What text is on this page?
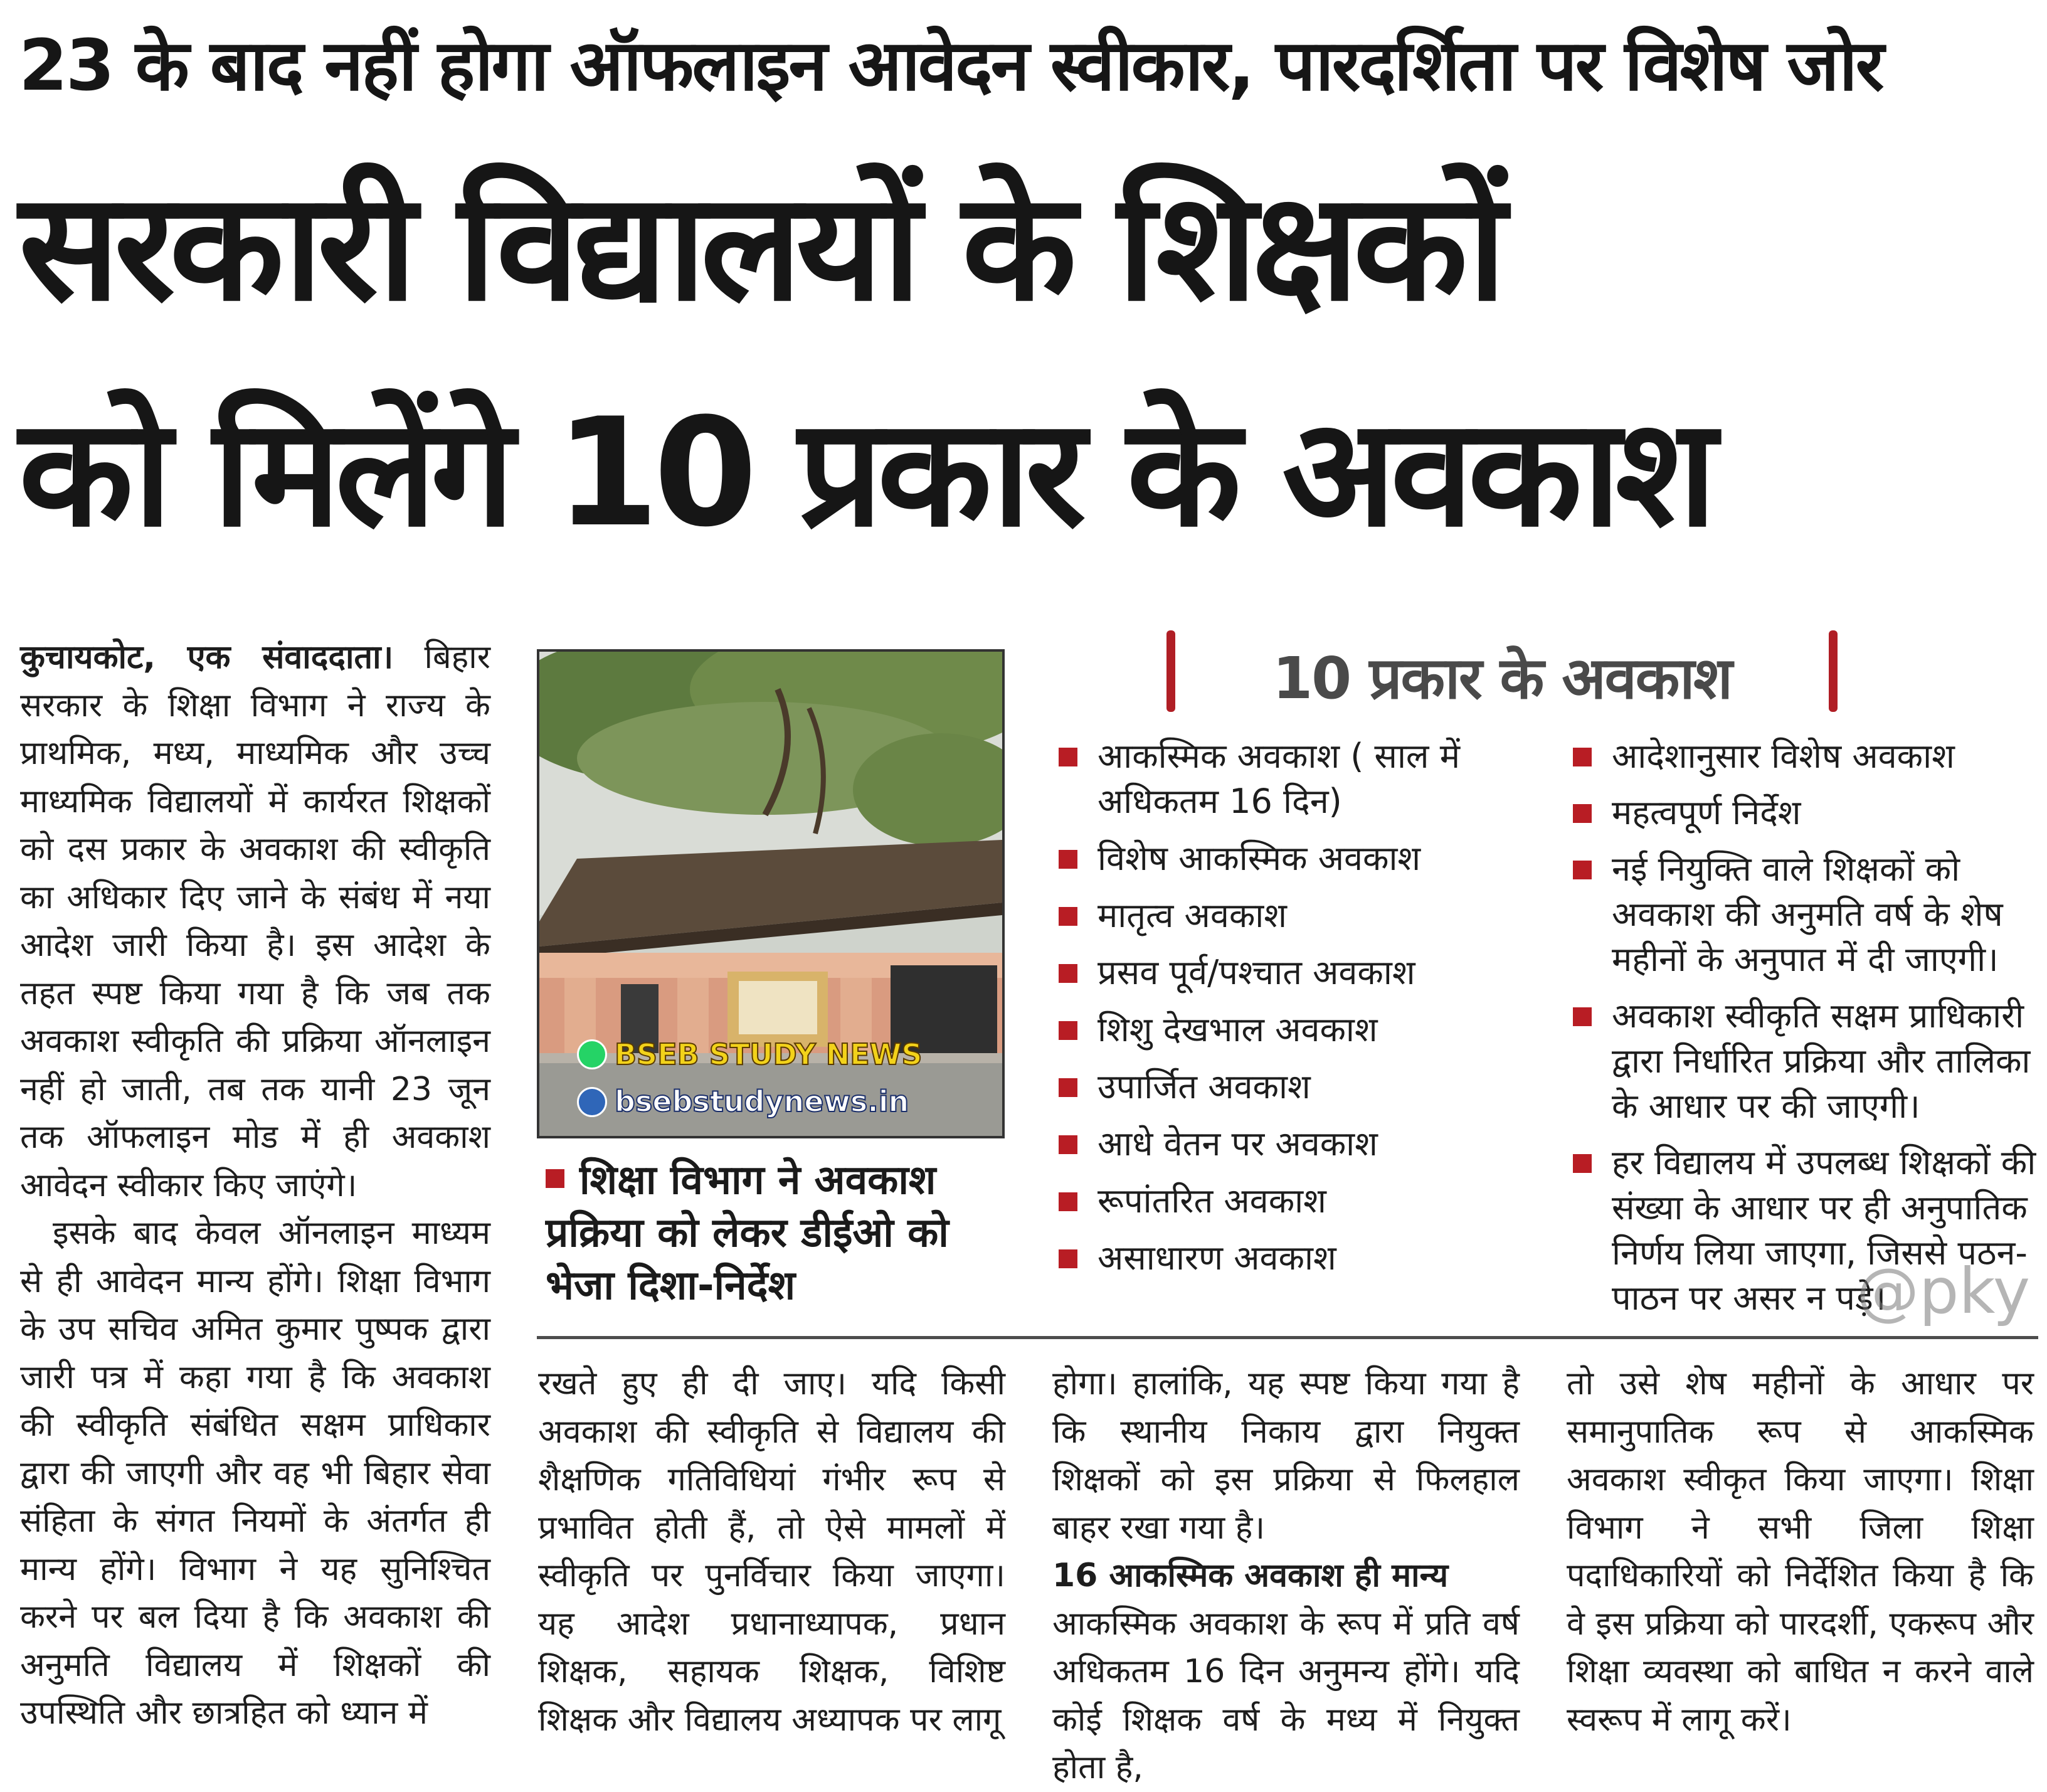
23 के बाद नहीं होगा ऑफलाइन आवेदन स्वीकार, पारदर्शिता पर विशेष जोर
सरकारी विद्यालयों के शिक्षकों
को मिलेंगे 10 प्रकार के अवकाश

कुचायकोट, एक संवाददाता। बिहार सरकार के शिक्षा विभाग ने राज्य के प्राथमिक, मध्य, माध्यमिक और उच्च माध्यमिक विद्यालयों में कार्यरत शिक्षकों को दस प्रकार के अवकाश की स्वीकृति का अधिकार दिए जाने के संबंध में नया आदेश जारी किया है। इस आदेश के तहत स्पष्ट किया गया है कि जब तक अवकाश स्वीकृति की प्रक्रिया ऑनलाइन नहीं हो जाती, तब तक यानी 23 जून तक ऑफलाइन मोड में ही अवकाश आवेदन स्वीकार किए जाएंगे।

इसके बाद केवल ऑनलाइन माध्यम से ही आवेदन मान्य होंगे। शिक्षा विभाग के उप सचिव अमित कुमार पुष्पक द्वारा जारी पत्र में कहा गया है कि अवकाश की स्वीकृति संबंधित सक्षम प्राधिकार द्वारा की जाएगी और वह भी बिहार सेवा संहिता के संगत नियमों के अंतर्गत ही मान्य होंगे। विभाग ने यह सुनिश्चित करने पर बल दिया है कि अवकाश की अनुमति विद्यालय में शिक्षकों की उपस्थिति और छात्रहित को ध्यान में

BSEB STUDY NEWS
bsebstudynews.in
शिक्षा विभाग ने अवकाश प्रक्रिया को लेकर डीईओ को भेजा दिशा-निर्देश
10 प्रकार के अवकाश
आकस्मिक अवकाश ( साल में अधिकतम 16 दिन)
विशेष आकस्मिक अवकाश
मातृत्व अवकाश
प्रसव पूर्व/पश्चात अवकाश
शिशु देखभाल अवकाश
उपार्जित अवकाश
आधे वेतन पर अवकाश
रूपांतरित अवकाश
असाधारण अवकाश
आदेशानुसार विशेष अवकाश
महत्वपूर्ण निर्देश
नई नियुक्ति वाले शिक्षकों को अवकाश की अनुमति वर्ष के शेष महीनों के अनुपात में दी जाएगी।
अवकाश स्वीकृति सक्षम प्राधिकारी द्वारा निर्धारित प्रक्रिया और तालिका के आधार पर की जाएगी।
हर विद्यालय में उपलब्ध शिक्षकों की संख्या के आधार पर ही अनुपातिक निर्णय लिया जाएगा, जिससे पठन-पाठन पर असर न पड़े।
@pky
रखते हुए ही दी जाए। यदि किसी अवकाश की स्वीकृति से विद्यालय की शैक्षणिक गतिविधियां गंभीर रूप से प्रभावित होती हैं, तो ऐसे मामलों में स्वीकृति पर पुनर्विचार किया जाएगा। यह आदेश प्रधानाध्यापक, प्रधान शिक्षक, सहायक शिक्षक, विशिष्ट शिक्षक और विद्यालय अध्यापक पर लागू

होगा। हालांकि, यह स्पष्ट किया गया है कि स्थानीय निकाय द्वारा नियुक्त शिक्षकों को इस प्रक्रिया से फिलहाल बाहर रखा गया है।

16 आकस्मिक अवकाश ही मान्य

आकस्मिक अवकाश के रूप में प्रति वर्ष अधिकतम 16 दिन अनुमन्य होंगे। यदि कोई शिक्षक वर्ष के मध्य में नियुक्त होता है,

तो उसे शेष महीनों के आधार पर समानुपातिक रूप से आकस्मिक अवकाश स्वीकृत किया जाएगा। शिक्षा विभाग ने सभी जिला शिक्षा पदाधिकारियों को निर्देशित किया है कि वे इस प्रक्रिया को पारदर्शी, एकरूप और शिक्षा व्यवस्था को बाधित न करने वाले स्वरूप में लागू करें।
